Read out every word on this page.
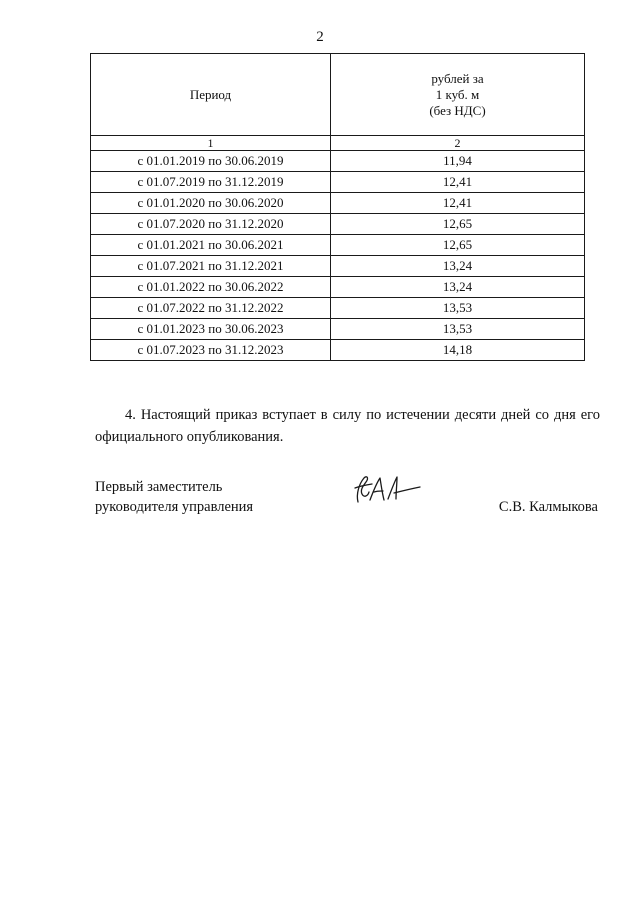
2
Период	рублей за
1 куб. м
(без НДС)

1	2
с 01.01.2019 по 30.06.2019	11,94
с 01.07.2019 по 31.12.2019	12,41
с 01.01.2020 по 30.06.2020	12,41
с 01.07.2020 по 31.12.2020	12,65
с 01.01.2021 по 30.06.2021	12,65
с 01.07.2021 по 31.12.2021	13,24
с 01.01.2022 по 30.06.2022	13,24
с 01.07.2022 по 31.12.2022	13,53
с 01.01.2023 по 30.06.2023	13,53
с 01.07.2023 по 31.12.2023	14,18
4. Настоящий приказ вступает в силу по истечении десяти дней со дня его официального опубликования.
Первый заместитель
руководителя управления	С.В. Калмыкова
